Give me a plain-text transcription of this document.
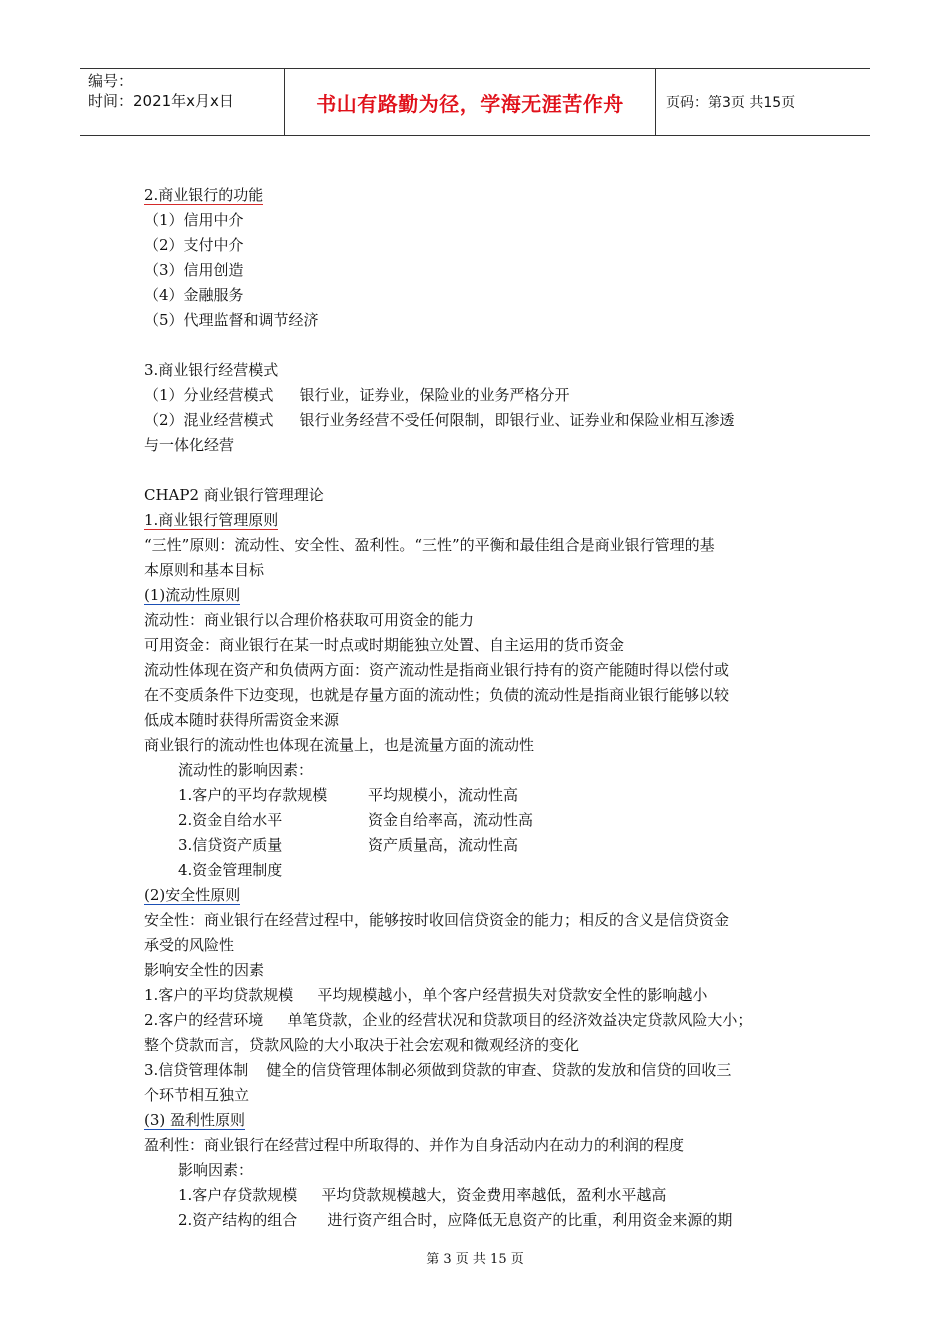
编号：
时间：2021年x月x日	书山有路勤为径，学海无涯苦作舟	页码：第3页 共15页
2.商业银行的功能
（1）信用中介
（2）支付中介
（3）信用创造
（4）金融服务
（5）代理监督和调节经济
3.商业银行经营模式
（1）分业经营模式 银行业，证券业，保险业的业务严格分开
（2）混业经营模式 银行业务经营不受任何限制，即银行业、证券业和保险业相互渗透
与一体化经营
CHAP2 商业银行管理理论
1.商业银行管理原则
“三性”原则：流动性、安全性、盈利性。“三性”的平衡和最佳组合是商业银行管理的基
本原则和基本目标
(1)流动性原则
流动性：商业银行以合理价格获取可用资金的能力
可用资金：商业银行在某一时点或时期能独立处置、自主运用的货币资金
流动性体现在资产和负债两方面：资产流动性是指商业银行持有的资产能随时得以偿付或
在不变质条件下边变现，也就是存量方面的流动性；负债的流动性是指商业银行能够以较
低成本随时获得所需资金来源
商业银行的流动性也体现在流量上，也是流量方面的流动性
流动性的影响因素：
1.客户的平均存款规模	平均规模小，流动性高
2.资金自给水平	资金自给率高，流动性高
3.信贷资产质量	资产质量高，流动性高
4.资金管理制度
(2)安全性原则
安全性：商业银行在经营过程中，能够按时收回信贷资金的能力；相反的含义是信贷资金
承受的风险性
影响安全性的因素
1.客户的平均贷款规模 平均规模越小，单个客户经营损失对贷款安全性的影响越小
2.客户的经营环境 单笔贷款，企业的经营状况和贷款项目的经济效益决定贷款风险大小；
整个贷款而言，贷款风险的大小取决于社会宏观和微观经济的变化
3.信贷管理体制 健全的信贷管理体制必须做到贷款的审查、贷款的发放和信贷的回收三
个环节相互独立
(3) 盈利性原则
盈利性：商业银行在经营过程中所取得的、并作为自身活动内在动力的利润的程度
影响因素：
1.客户存贷款规模 平均贷款规模越大，资金费用率越低，盈利水平越高
2.资产结构的组合 进行资产组合时，应降低无息资产的比重，利用资金来源的期
第 3 页 共 15 页
